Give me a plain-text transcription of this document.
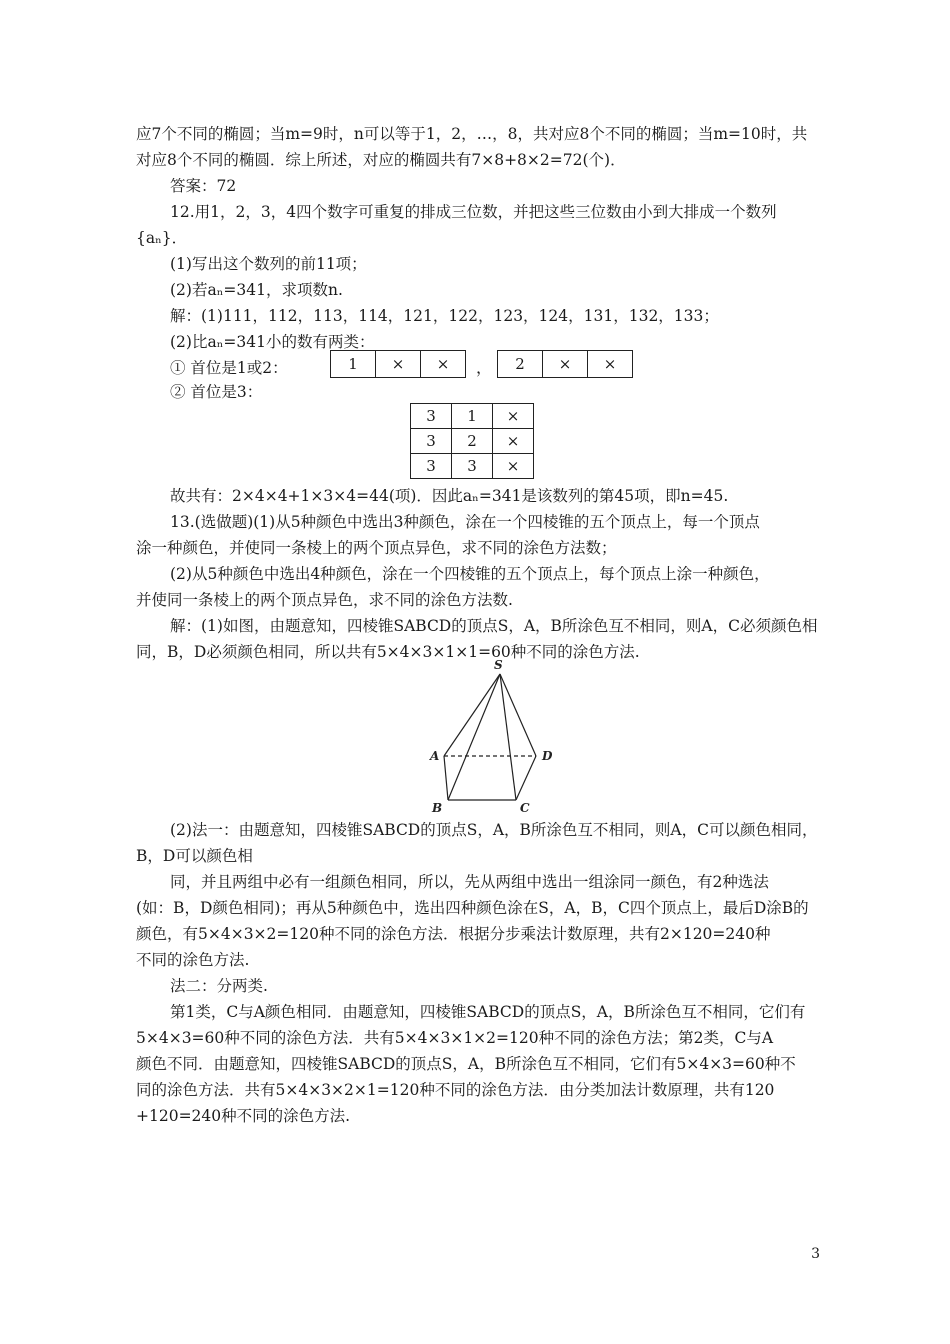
应7个不同的椭圆；当m=9时，n可以等于1，2，…，8，共对应8个不同的椭圆；当m=10时，共
对应8个不同的椭圆．综上所述，对应的椭圆共有7×8+8×2=72(个)．
答案：72
12.用1，2，3，4四个数字可重复的排成三位数，并把这些三位数由小到大排成一个数列
{aₙ}．
(1)写出这个数列的前11项；
(2)若aₙ=341，求项数n.
解：(1)111，112，113，114，121，122，123，124，131，132，133；
(2)比aₙ=341小的数有两类：
① 首位是1或2：	1	×	×	，	2	×	×
② 首位是3：
3	1	×
3	2	×
3	3	×
故共有：2×4×4+1×3×4=44(项)．因此aₙ=341是该数列的第45项，即n=45.
13.(选做题)(1)从5种颜色中选出3种颜色，涂在一个四棱锥的五个顶点上，每一个顶点
涂一种颜色，并使同一条棱上的两个顶点异色，求不同的涂色方法数；
(2)从5种颜色中选出4种颜色，涂在一个四棱锥的五个顶点上，每个顶点上涂一种颜色，
并使同一条棱上的两个顶点异色，求不同的涂色方法数.
解：(1)如图，由题意知，四棱锥SABCD的顶点S，A，B所涂色互不相同，则A，C必须颜色相
同，B，D必须颜色相同，所以共有5×4×3×1×1=60种不同的涂色方法.
S
A
B	C
D
(2)法一：由题意知，四棱锥SABCD的顶点S，A，B所涂色互不相同，则A，C可以颜色相同，
B，D可以颜色相
同，并且两组中必有一组颜色相同，所以，先从两组中选出一组涂同一颜色，有2种选法
(如：B，D颜色相同)；再从5种颜色中，选出四种颜色涂在S，A，B，C四个顶点上，最后D涂B的
颜色，有5×4×3×2=120种不同的涂色方法．根据分步乘法计数原理，共有2×120=240种
不同的涂色方法.
法二：分两类.
第1类，C与A颜色相同．由题意知，四棱锥SABCD的顶点S，A，B所涂色互不相同，它们有
5×4×3=60种不同的涂色方法．共有5×4×3×1×2=120种不同的涂色方法；第2类，C与A
颜色不同．由题意知，四棱锥SABCD的顶点S，A，B所涂色互不相同，它们有5×4×3=60种不
同的涂色方法．共有5×4×3×2×1=120种不同的涂色方法．由分类加法计数原理，共有120
+120=240种不同的涂色方法.
3
